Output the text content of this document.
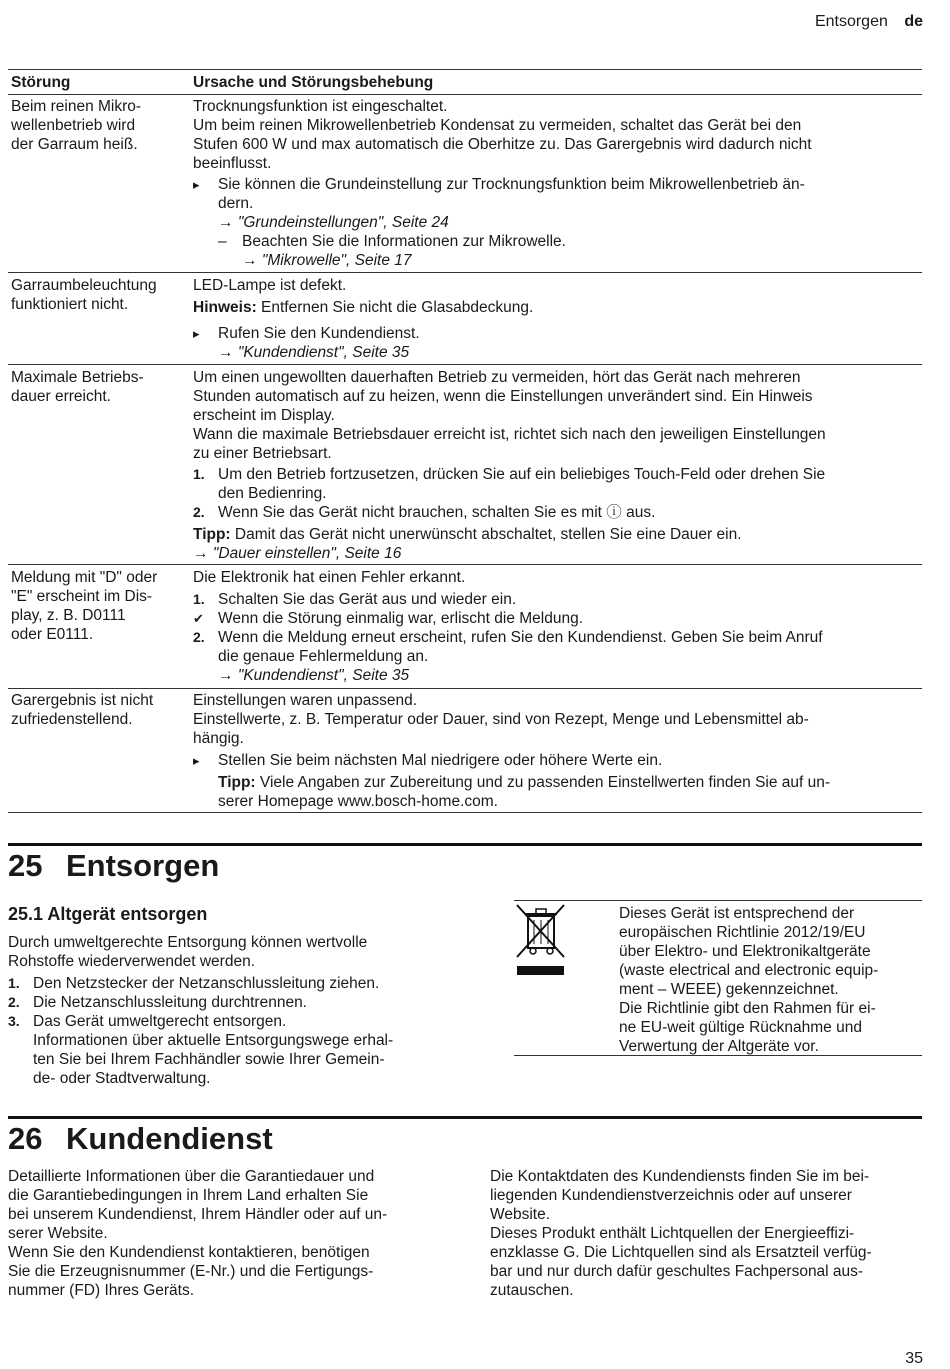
Entsorgen de
Störung	Ursache und Störungsbehebung
Beim reinen Mikro-
wellenbetrieb wird
der Garraum heiß.
Trocknungsfunktion ist eingeschaltet.
Um beim reinen Mikrowellenbetrieb Kondensat zu vermeiden, schaltet das Gerät bei den
Stufen 600 W und max automatisch die Oberhitze zu. Das Garergebnis wird dadurch nicht
beeinflusst.
▸ Sie können die Grundeinstellung zur Trocknungsfunktion beim Mikrowellenbetrieb än-
dern.
→ "Grundeinstellungen", Seite 24
– Beachten Sie die Informationen zur Mikrowelle.
→ "Mikrowelle", Seite 17
Garraumbeleuchtung
funktioniert nicht.
LED-Lampe ist defekt.
Hinweis: Entfernen Sie nicht die Glasabdeckung.
▸ Rufen Sie den Kundendienst.
→ "Kundendienst", Seite 35
Maximale Betriebs-
dauer erreicht.
Um einen ungewollten dauerhaften Betrieb zu vermeiden, hört das Gerät nach mehreren
Stunden automatisch auf zu heizen, wenn die Einstellungen unverändert sind. Ein Hinweis
erscheint im Display.
Wann die maximale Betriebsdauer erreicht ist, richtet sich nach den jeweiligen Einstellungen
zu einer Betriebsart.
1. Um den Betrieb fortzusetzen, drücken Sie auf ein beliebiges Touch-Feld oder drehen Sie
den Bedienring.
2. Wenn Sie das Gerät nicht brauchen, schalten Sie es mit ⓘ aus.
Tipp: Damit das Gerät nicht unerwünscht abschaltet, stellen Sie eine Dauer ein.
→ "Dauer einstellen", Seite 16
Meldung mit "D" oder
"E" erscheint im Dis-
play, z. B. D0111
oder E0111.
Die Elektronik hat einen Fehler erkannt.
1. Schalten Sie das Gerät aus und wieder ein.
✔ Wenn die Störung einmalig war, erlischt die Meldung.
2. Wenn die Meldung erneut erscheint, rufen Sie den Kundendienst. Geben Sie beim Anruf
die genaue Fehlermeldung an.
→ "Kundendienst", Seite 35
Garergebnis ist nicht
zufriedenstellend.
Einstellungen waren unpassend.
Einstellwerte, z. B. Temperatur oder Dauer, sind von Rezept, Menge und Lebensmittel ab-
hängig.
▸ Stellen Sie beim nächsten Mal niedrigere oder höhere Werte ein.
Tipp: Viele Angaben zur Zubereitung und zu passenden Einstellwerten finden Sie auf un-
serer Homepage www.bosch-home.com.
25 Entsorgen
25.1 Altgerät entsorgen
Durch umweltgerechte Entsorgung können wertvolle
Rohstoffe wiederverwendet werden.
1. Den Netzstecker der Netzanschlussleitung ziehen.
2. Die Netzanschlussleitung durchtrennen.
3. Das Gerät umweltgerecht entsorgen.
Informationen über aktuelle Entsorgungswege erhal-
ten Sie bei Ihrem Fachhändler sowie Ihrer Gemein-
de- oder Stadtverwaltung.
Dieses Gerät ist entsprechend der
europäischen Richtlinie 2012/19/EU
über Elektro- und Elektronikaltgeräte
(waste electrical and electronic equip-
ment – WEEE) gekennzeichnet.
Die Richtlinie gibt den Rahmen für ei-
ne EU-weit gültige Rücknahme und
Verwertung der Altgeräte vor.
26 Kundendienst
Detaillierte Informationen über die Garantiedauer und
die Garantiebedingungen in Ihrem Land erhalten Sie
bei unserem Kundendienst, Ihrem Händler oder auf un-
serer Website.
Wenn Sie den Kundendienst kontaktieren, benötigen
Sie die Erzeugnisnummer (E-Nr.) und die Fertigungs-
nummer (FD) Ihres Geräts.
Die Kontaktdaten des Kundendiensts finden Sie im bei-
liegenden Kundendienstverzeichnis oder auf unserer
Website.
Dieses Produkt enthält Lichtquellen der Energieeffizi-
enzklasse G. Die Lichtquellen sind als Ersatzteil verfüg-
bar und nur durch dafür geschultes Fachpersonal aus-
zutauschen.
35
